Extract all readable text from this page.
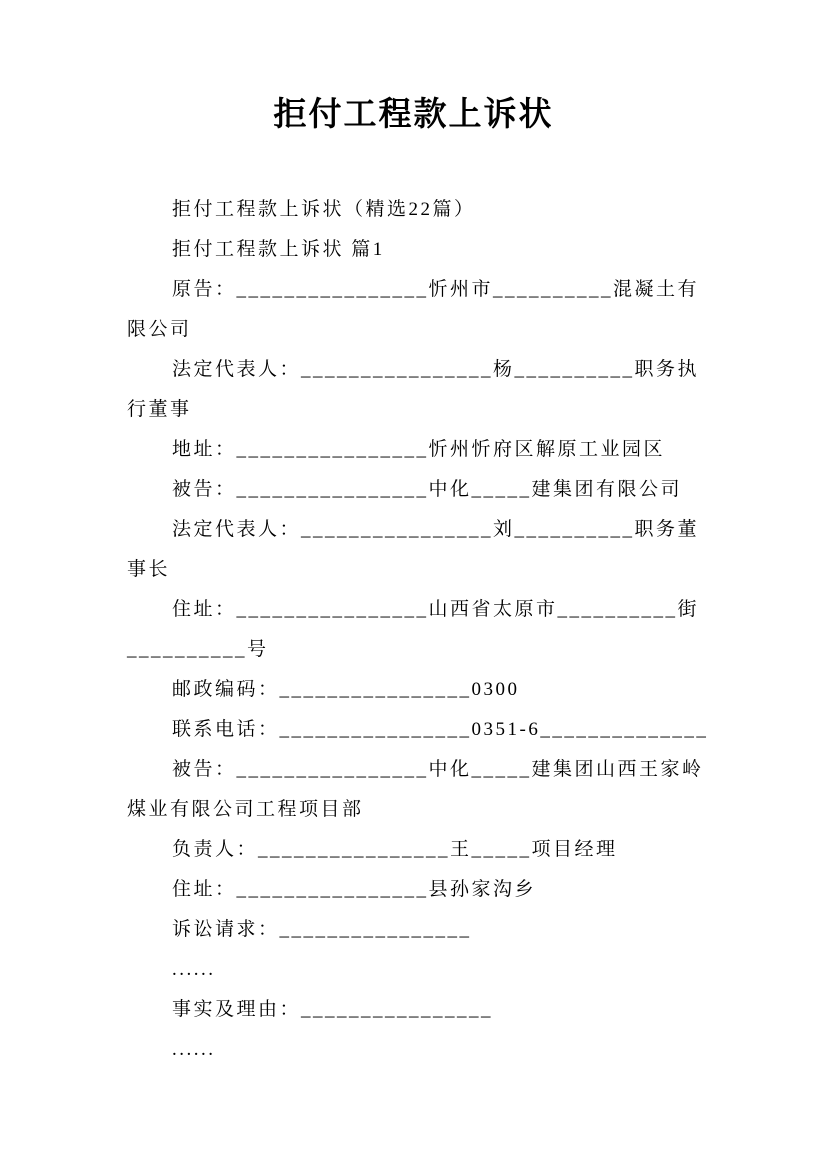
拒付工程款上诉状
拒付工程款上诉状（精选22篇）
拒付工程款上诉状 篇1
原告：________________忻州市__________混凝土有
限公司
法定代表人：________________杨__________职务执
行董事
地址：________________忻州忻府区解原工业园区
被告：________________中化_____建集团有限公司
法定代表人：________________刘__________职务董
事长
住址：________________山西省太原市__________街
__________号
邮政编码：________________0300
联系电话：________________0351-6______________
被告：________________中化_____建集团山西王家岭
煤业有限公司工程项目部
负责人：________________王_____项目经理
住址：________________县孙家沟乡
诉讼请求：________________
......
事实及理由：________________
......
